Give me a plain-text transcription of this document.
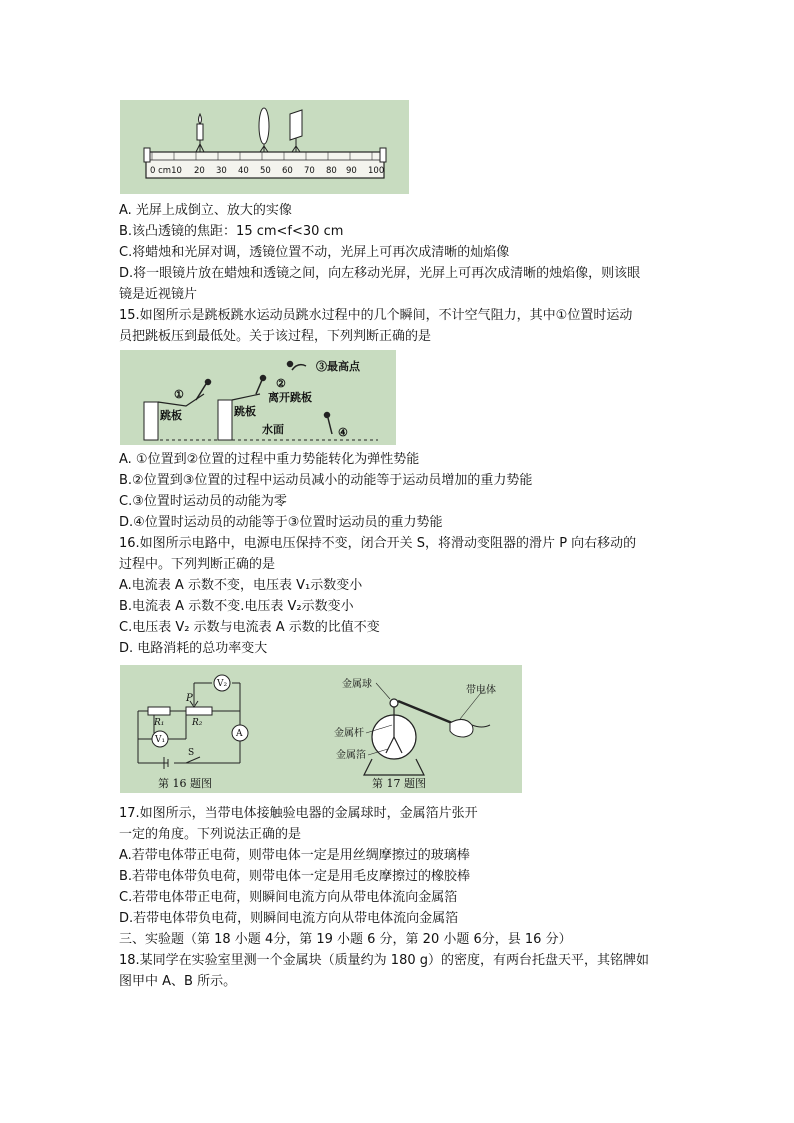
0 cm10 20 30 40 50 60 70 80 90 100
A. 光屏上成倒立、放大的实像
B.该凸透镜的焦距：15 cm<f<30 cm
C.将蜡烛和光屏对调，透镜位置不动，光屏上可再次成清晰的灿焰像
D.将一眼镜片放在蜡烛和透镜之间，向左移动光屏，光屏上可再次成清晰的烛焰像，则该眼
镜是近视镜片
15.如图所示是跳板跳水运动员跳水过程中的几个瞬间，不计空气阻力，其中①位置时运动
员把跳板压到最低处。关于该过程，下列判断正确的是
③最高点
①
②
离开跳板
跳板	跳板
水面	④
A. ①位置到②位置的过程中重力势能转化为弹性势能
B.②位置到③位置的过程中运动员减小的动能等于运动员增加的重力势能
C.③位置时运动员的动能为零
D.④位置时运动员的动能等于③位置时运动员的重力势能
16.如图所示电路中，电源电压保持不变，闭合开关 S，将滑动变阻器的滑片 P 向右移动的
过程中。下列判断正确的是
A.电流表 A 示数不变，电压表 V₁示数变小
B.电流表 A 示数不变.电压表 V₂示数变小
C.电压表 V₂ 示数与电流表 A 示数的比值不变
D. 电路消耗的总功率变大
V₂
P
R₁	R₂
V₁
A
S
第 16 题图
金属球
带电体
金属杆
金属箔
第 17 题图
17.如图所示，当带电体接触验电器的金属球时，金属箔片张开
一定的角度。下列说法正确的是
A.若带电体带正电荷，则带电体一定是用丝绸摩擦过的玻璃棒
B.若带电体带负电荷，则带电体一定是用毛皮摩擦过的橡胶棒
C.若带电体带正电荷，则瞬间电流方向从带电体流向金属箔
D.若带电体带负电荷，则瞬间电流方向从带电体流向金属箔
三、实验题（第 18 小题 4分，第 19 小题 6 分，第 20 小题 6分，县 16 分）
18.某同学在实验室里测一个金属块（质量约为 180 g）的密度，有两台托盘天平，其铭牌如
图甲中 A、B 所示。
